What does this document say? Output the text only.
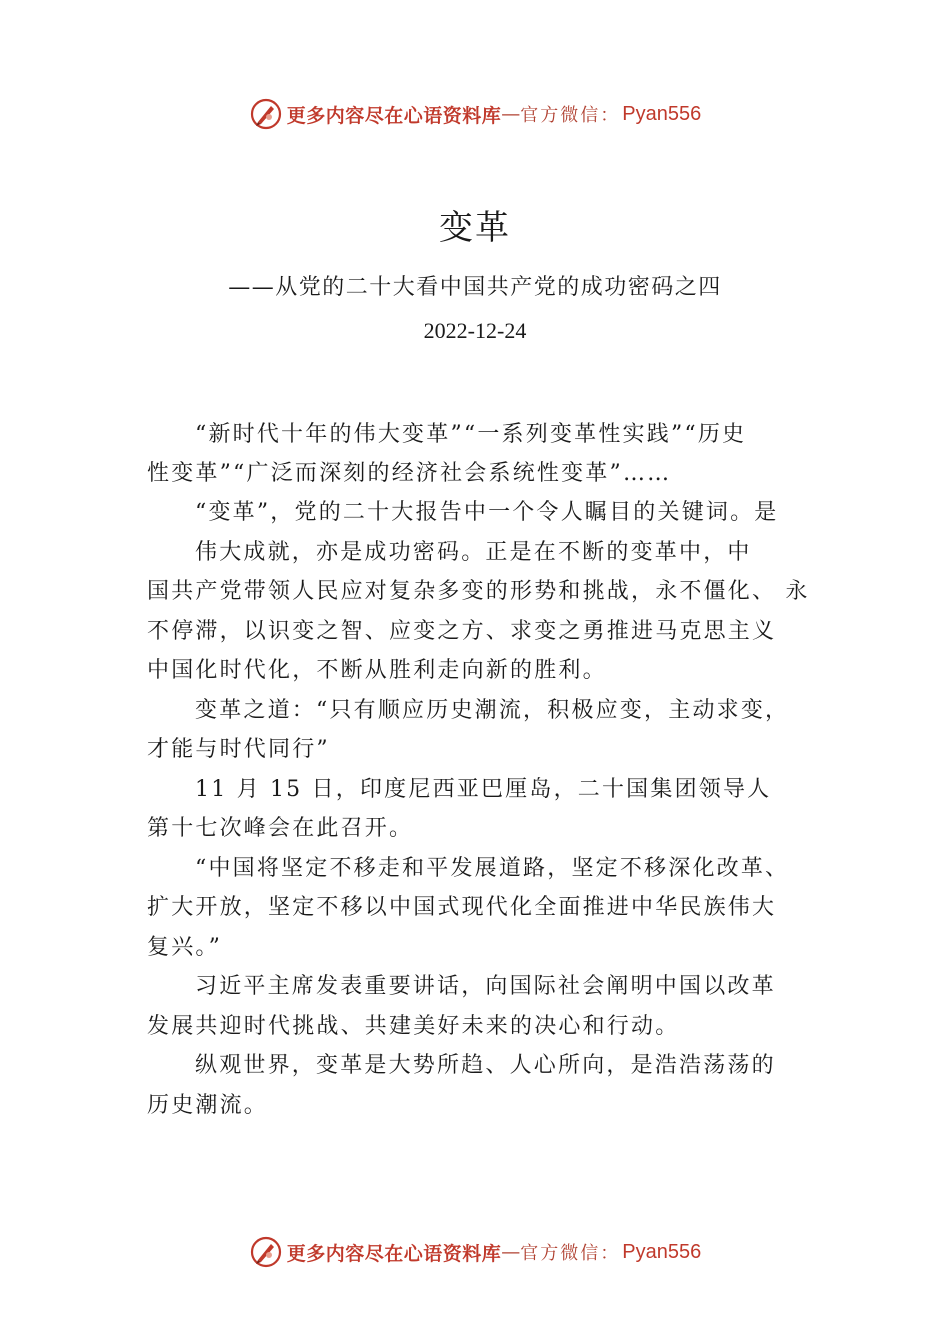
更多内容尽在心语资料库 — 官方微信 ： Pyan556
变革
——从党的二十大看中国共产党的成功密码之四
2022-12-24
“新时代十年的伟大变革”“一系列变革性实践”“历史
性变革”“广泛而深刻的经济社会系统性变革”……
“变革”，党的二十大报告中一个令人瞩目的关键词。是
伟大成就，亦是成功密码。正是在不断的变革中，中
国共产党带领人民应对复杂多变的形势和挑战，永不僵化、 永
不停滞，以识变之智、应变之方、求变之勇推进马克思主义
中国化时代化，不断从胜利走向新的胜利。
变革之道：“只有顺应历史潮流，积极应变，主动求变，
才能与时代同行”
11 月 15 日，印度尼西亚巴厘岛，二十国集团领导人
第十七次峰会在此召开。
“中国将坚定不移走和平发展道路，坚定不移深化改革、
扩大开放，坚定不移以中国式现代化全面推进中华民族伟大
复兴。”
习近平主席发表重要讲话，向国际社会阐明中国以改革
发展共迎时代挑战、共建美好未来的决心和行动。
纵观世界，变革是大势所趋、人心所向，是浩浩荡荡的
历史潮流。
更多内容尽在心语资料库 — 官方微信 ： Pyan556
